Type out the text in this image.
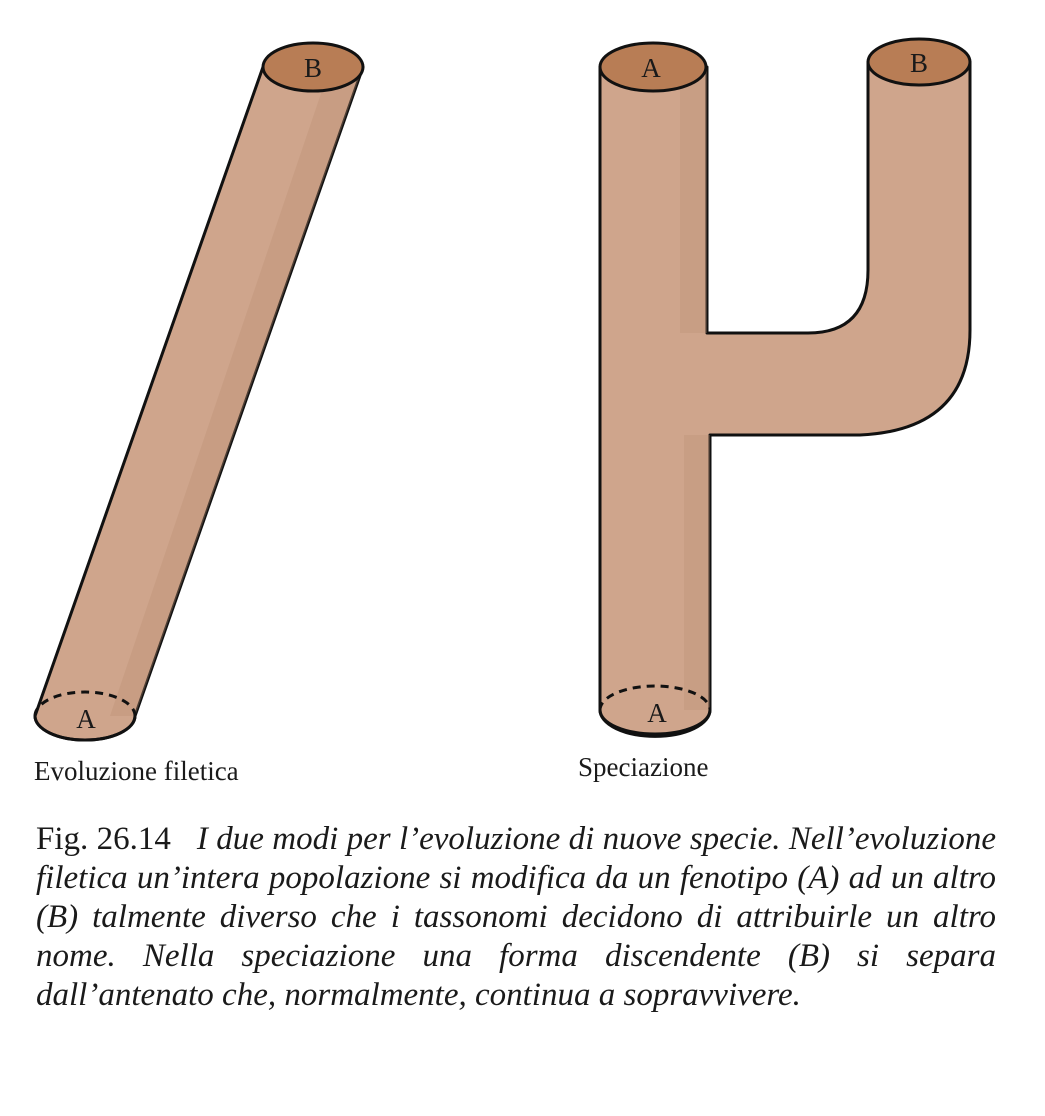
B
A
A	B
A
Evoluzione filetica	Speciazione
Fig. 26.14 I due modi per l’evoluzione di nuove specie. Nell’evoluzione filetica un’intera popolazione si modifica da un fenotipo (A) ad un altro (B) talmente diverso che i tassonomi decidono di attribuirle un altro nome. Nella speciazione una forma discendente (B) si separa dall’antenato che, normalmente, continua a sopravvivere.
